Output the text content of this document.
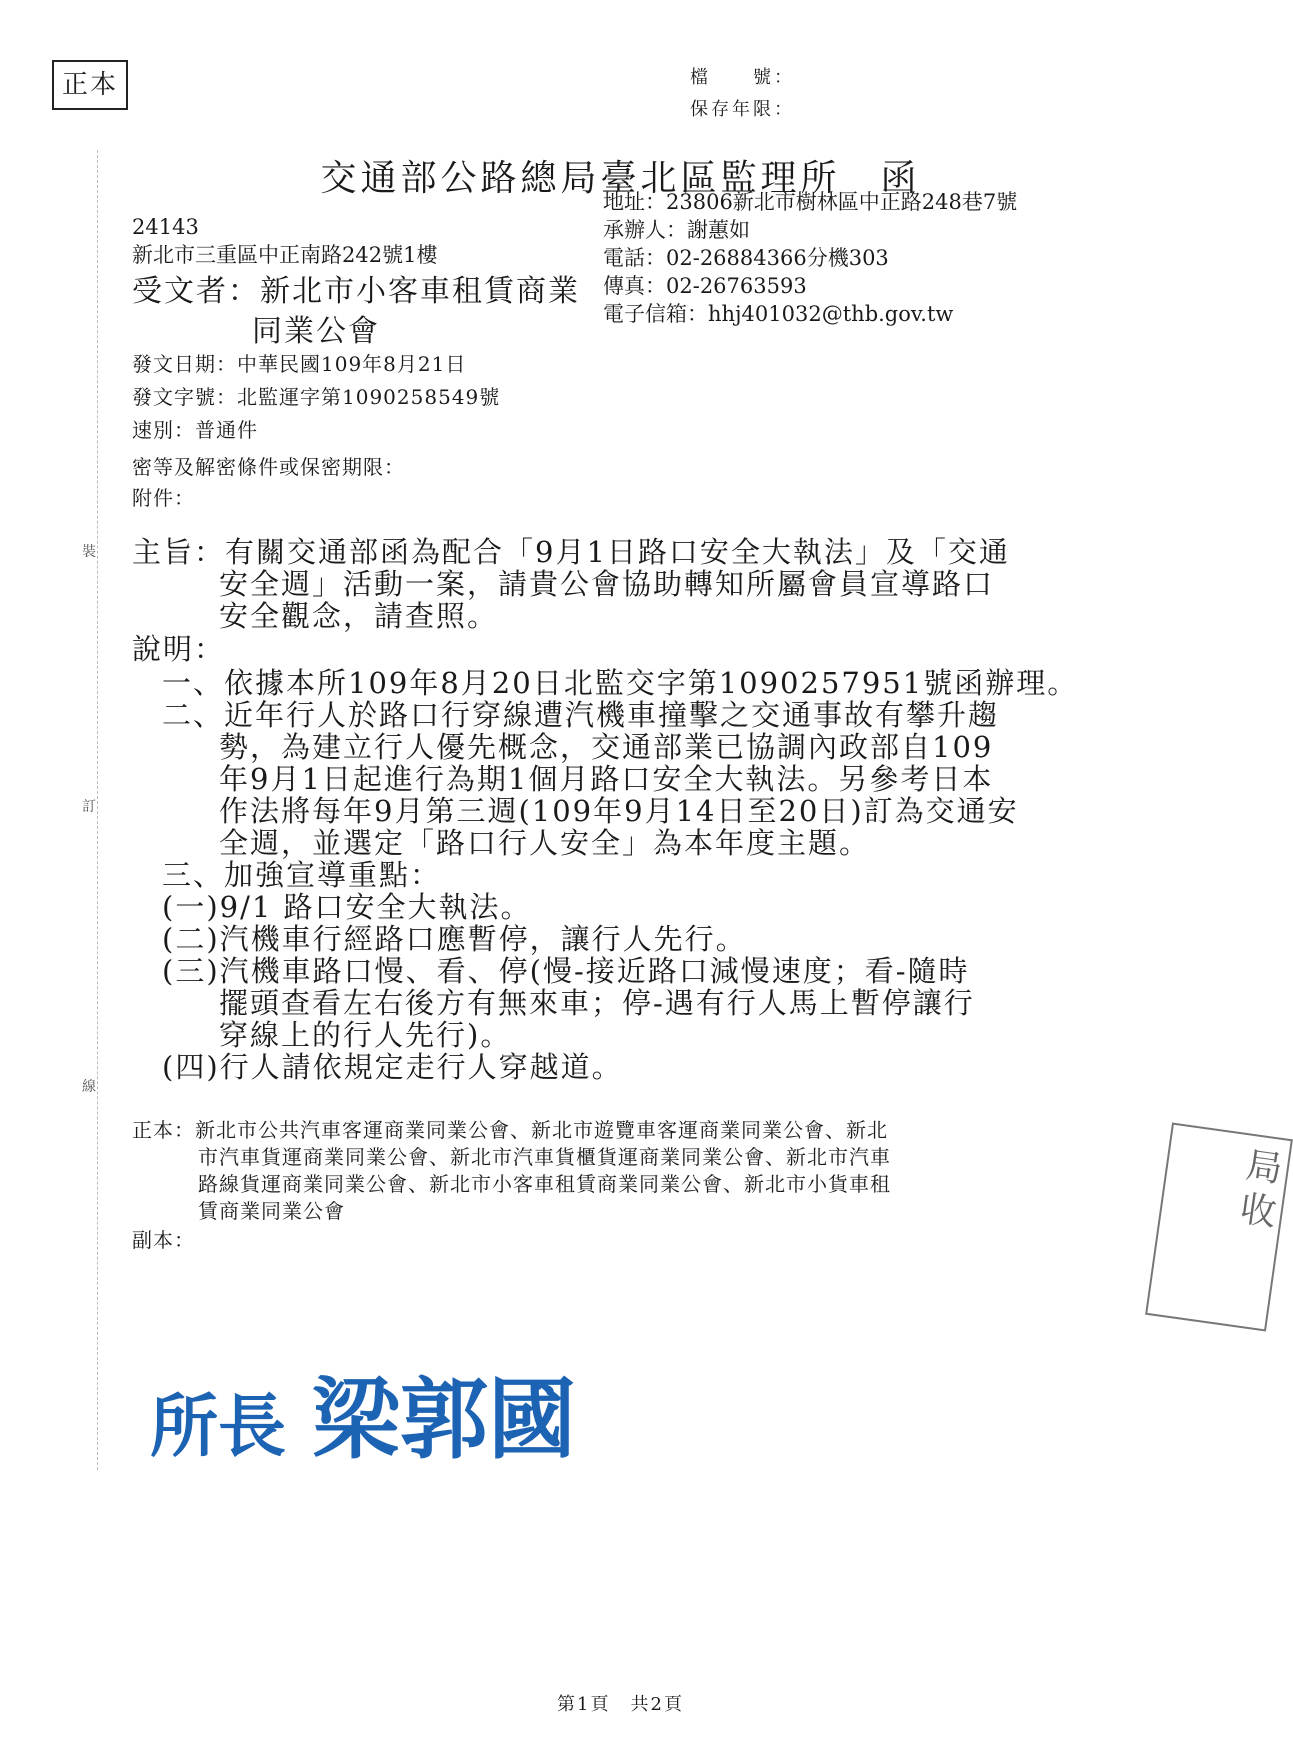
正本	檔　　號：
保存年限：
交通部公路總局臺北區監理所　函
地址：23806新北市樹林區中正路248巷7號
承辦人：謝蕙如
電話：02-26884366分機303
傳真：02-26763593
電子信箱：hhj401032@thb.gov.tw
24143
新北市三重區中正南路242號1樓
受文者：新北市小客車租賃商業
同業公會
發文日期：中華民國109年8月21日
發文字號：北監運字第1090258549號
速別：普通件
密等及解密條件或保密期限：
附件：
裝
訂
線
主旨：有關交通部函為配合「9月1日路口安全大執法」及「交通
安全週」活動一案，請貴公會協助轉知所屬會員宣導路口
安全觀念，請查照。
說明：
一、依據本所109年8月20日北監交字第1090257951號函辦理。
二、近年行人於路口行穿線遭汽機車撞擊之交通事故有攀升趨
勢，為建立行人優先概念，交通部業已協調內政部自109
年9月1日起進行為期1個月路口安全大執法。另參考日本
作法將每年9月第三週(109年9月14日至20日)訂為交通安
全週，並選定「路口行人安全」為本年度主題。
三、加強宣導重點：
(一)9/1 路口安全大執法。
(二)汽機車行經路口應暫停，讓行人先行。
(三)汽機車路口慢、看、停(慢-接近路口減慢速度；看-隨時
擺頭查看左右後方有無來車；停-遇有行人馬上暫停讓行
穿線上的行人先行)。
(四)行人請依規定走行人穿越道。
正本：新北市公共汽車客運商業同業公會、新北市遊覽車客運商業同業公會、新北
市汽車貨運商業同業公會、新北市汽車貨櫃貨運商業同業公會、新北市汽車
路線貨運商業同業公會、新北市小客車租賃商業同業公會、新北市小貨車租
賃商業同業公會
副本：
所長 梁郭國
局收
第1頁　共2頁
